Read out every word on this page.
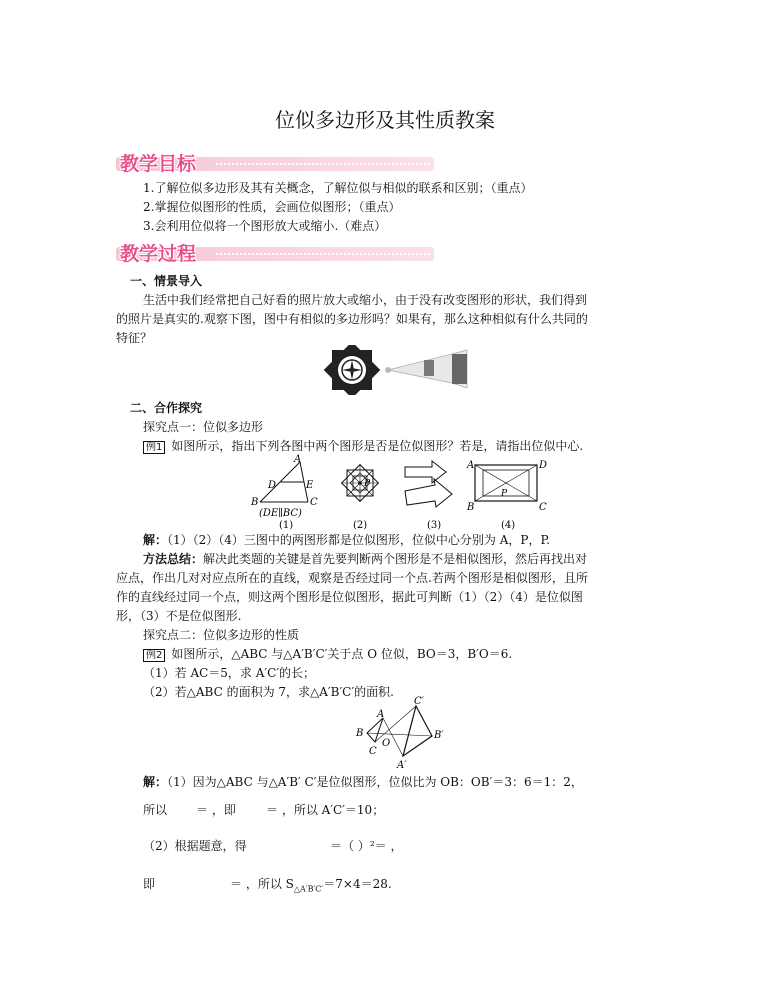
位似多边形及其性质教案
教学目标
1.了解位似多边形及其有关概念，了解位似与相似的联系和区别；（重点）
2.掌握位似图形的性质，会画位似图形；（重点）
3.会利用位似将一个图形放大或缩小.（难点）
教学过程
一、情景导入
生活中我们经常把自己好看的照片放大或缩小，由于没有改变图形的形状，我们得到
的照片是真实的.观察下图，图中有相似的多边形吗？如果有，那么这种相似有什么共同的
特征？
二、合作探究
探究点一：位似多边形
例1 如图所示，指出下列各图中两个图形是否是位似图形？若是，请指出位似中心.
A
D	E
B	C
(DE∥BC)
(1)
P
(2)	(3)
A	D
B	C
P
(4)
解：（1）（2）（4）三图中的两图形都是位似图形，位似中心分别为 A，P，P.
方法总结：解决此类题的关键是首先要判断两个图形是不是相似图形，然后再找出对
应点，作出几对对应点所在的直线，观察是否经过同一个点.若两个图形是相似图形，且所
作的直线经过同一个点，则这两个图形是位似图形，据此可判断（1）（2）（4）是位似图
形，（3）不是位似图形.
探究点二：位似多边形的性质
例2 如图所示，△ABC 与△A′B′C′关于点 O 位似，BO＝3，B′O＝6.
（1）若 AC＝5，求 A′C′的长；
（2）若△ABC 的面积为 7，求△A′B′C′的面积.
C′
A
B
O
C
B′
A′
解：（1）因为△ABC 与△A′B′ C′是位似图形，位似比为 OB：OB′＝3：6＝1：2，
所以 ＝ ，即	＝ ，所以 A′C′＝10；
（2）根据题意，得	＝（ ）²＝ ，
即	＝ ，所以 $S_{\triangle A'B'C'}=7\times 4=28$.
